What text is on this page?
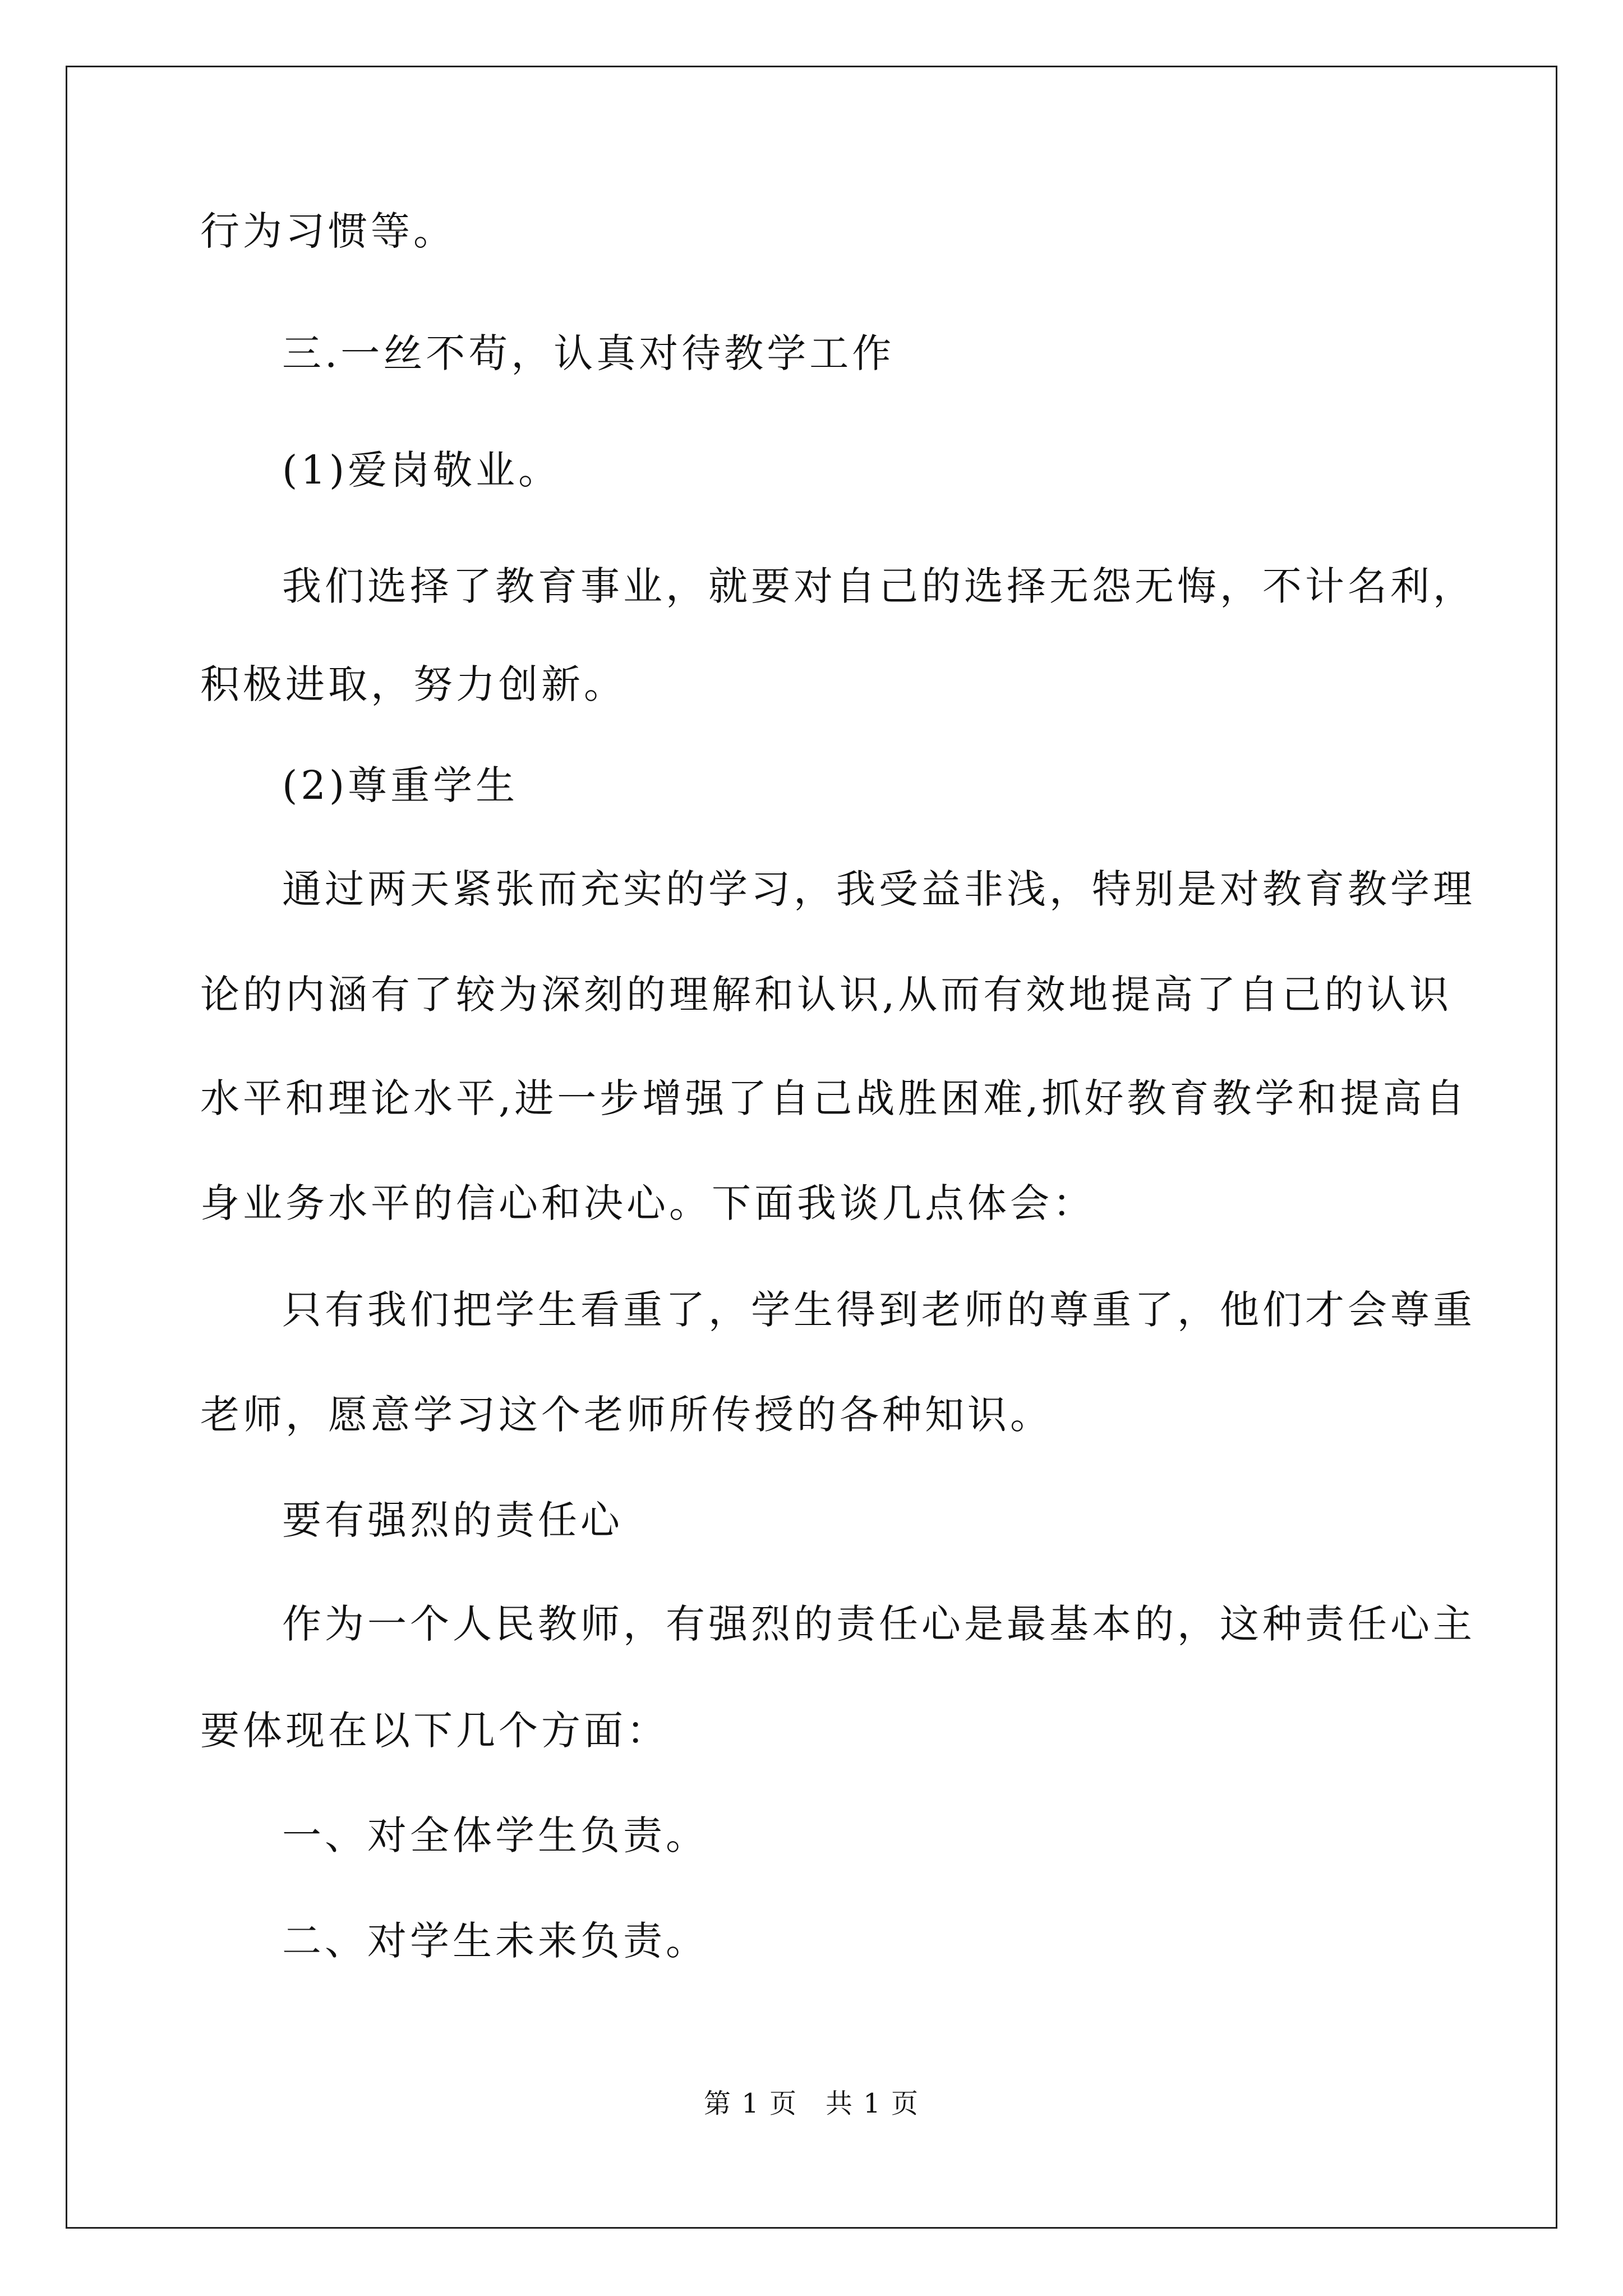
行为习惯等。
三.一丝不苟，认真对待教学工作
(1)爱岗敬业。
我们选择了教育事业，就要对自己的选择无怨无悔，不计名利，
积极进取，努力创新。
(2)尊重学生
通过两天紧张而充实的学习，我受益非浅，特别是对教育教学理
论的内涵有了较为深刻的理解和认识,从而有效地提高了自己的认识
水平和理论水平,进一步增强了自己战胜困难,抓好教育教学和提高自
身业务水平的信心和决心。下面我谈几点体会：
只有我们把学生看重了，学生得到老师的尊重了，他们才会尊重
老师，愿意学习这个老师所传授的各种知识。
要有强烈的责任心
作为一个人民教师，有强烈的责任心是最基本的，这种责任心主
要体现在以下几个方面：
一、对全体学生负责。
二、对学生未来负责。
第 1 页　共 1 页
